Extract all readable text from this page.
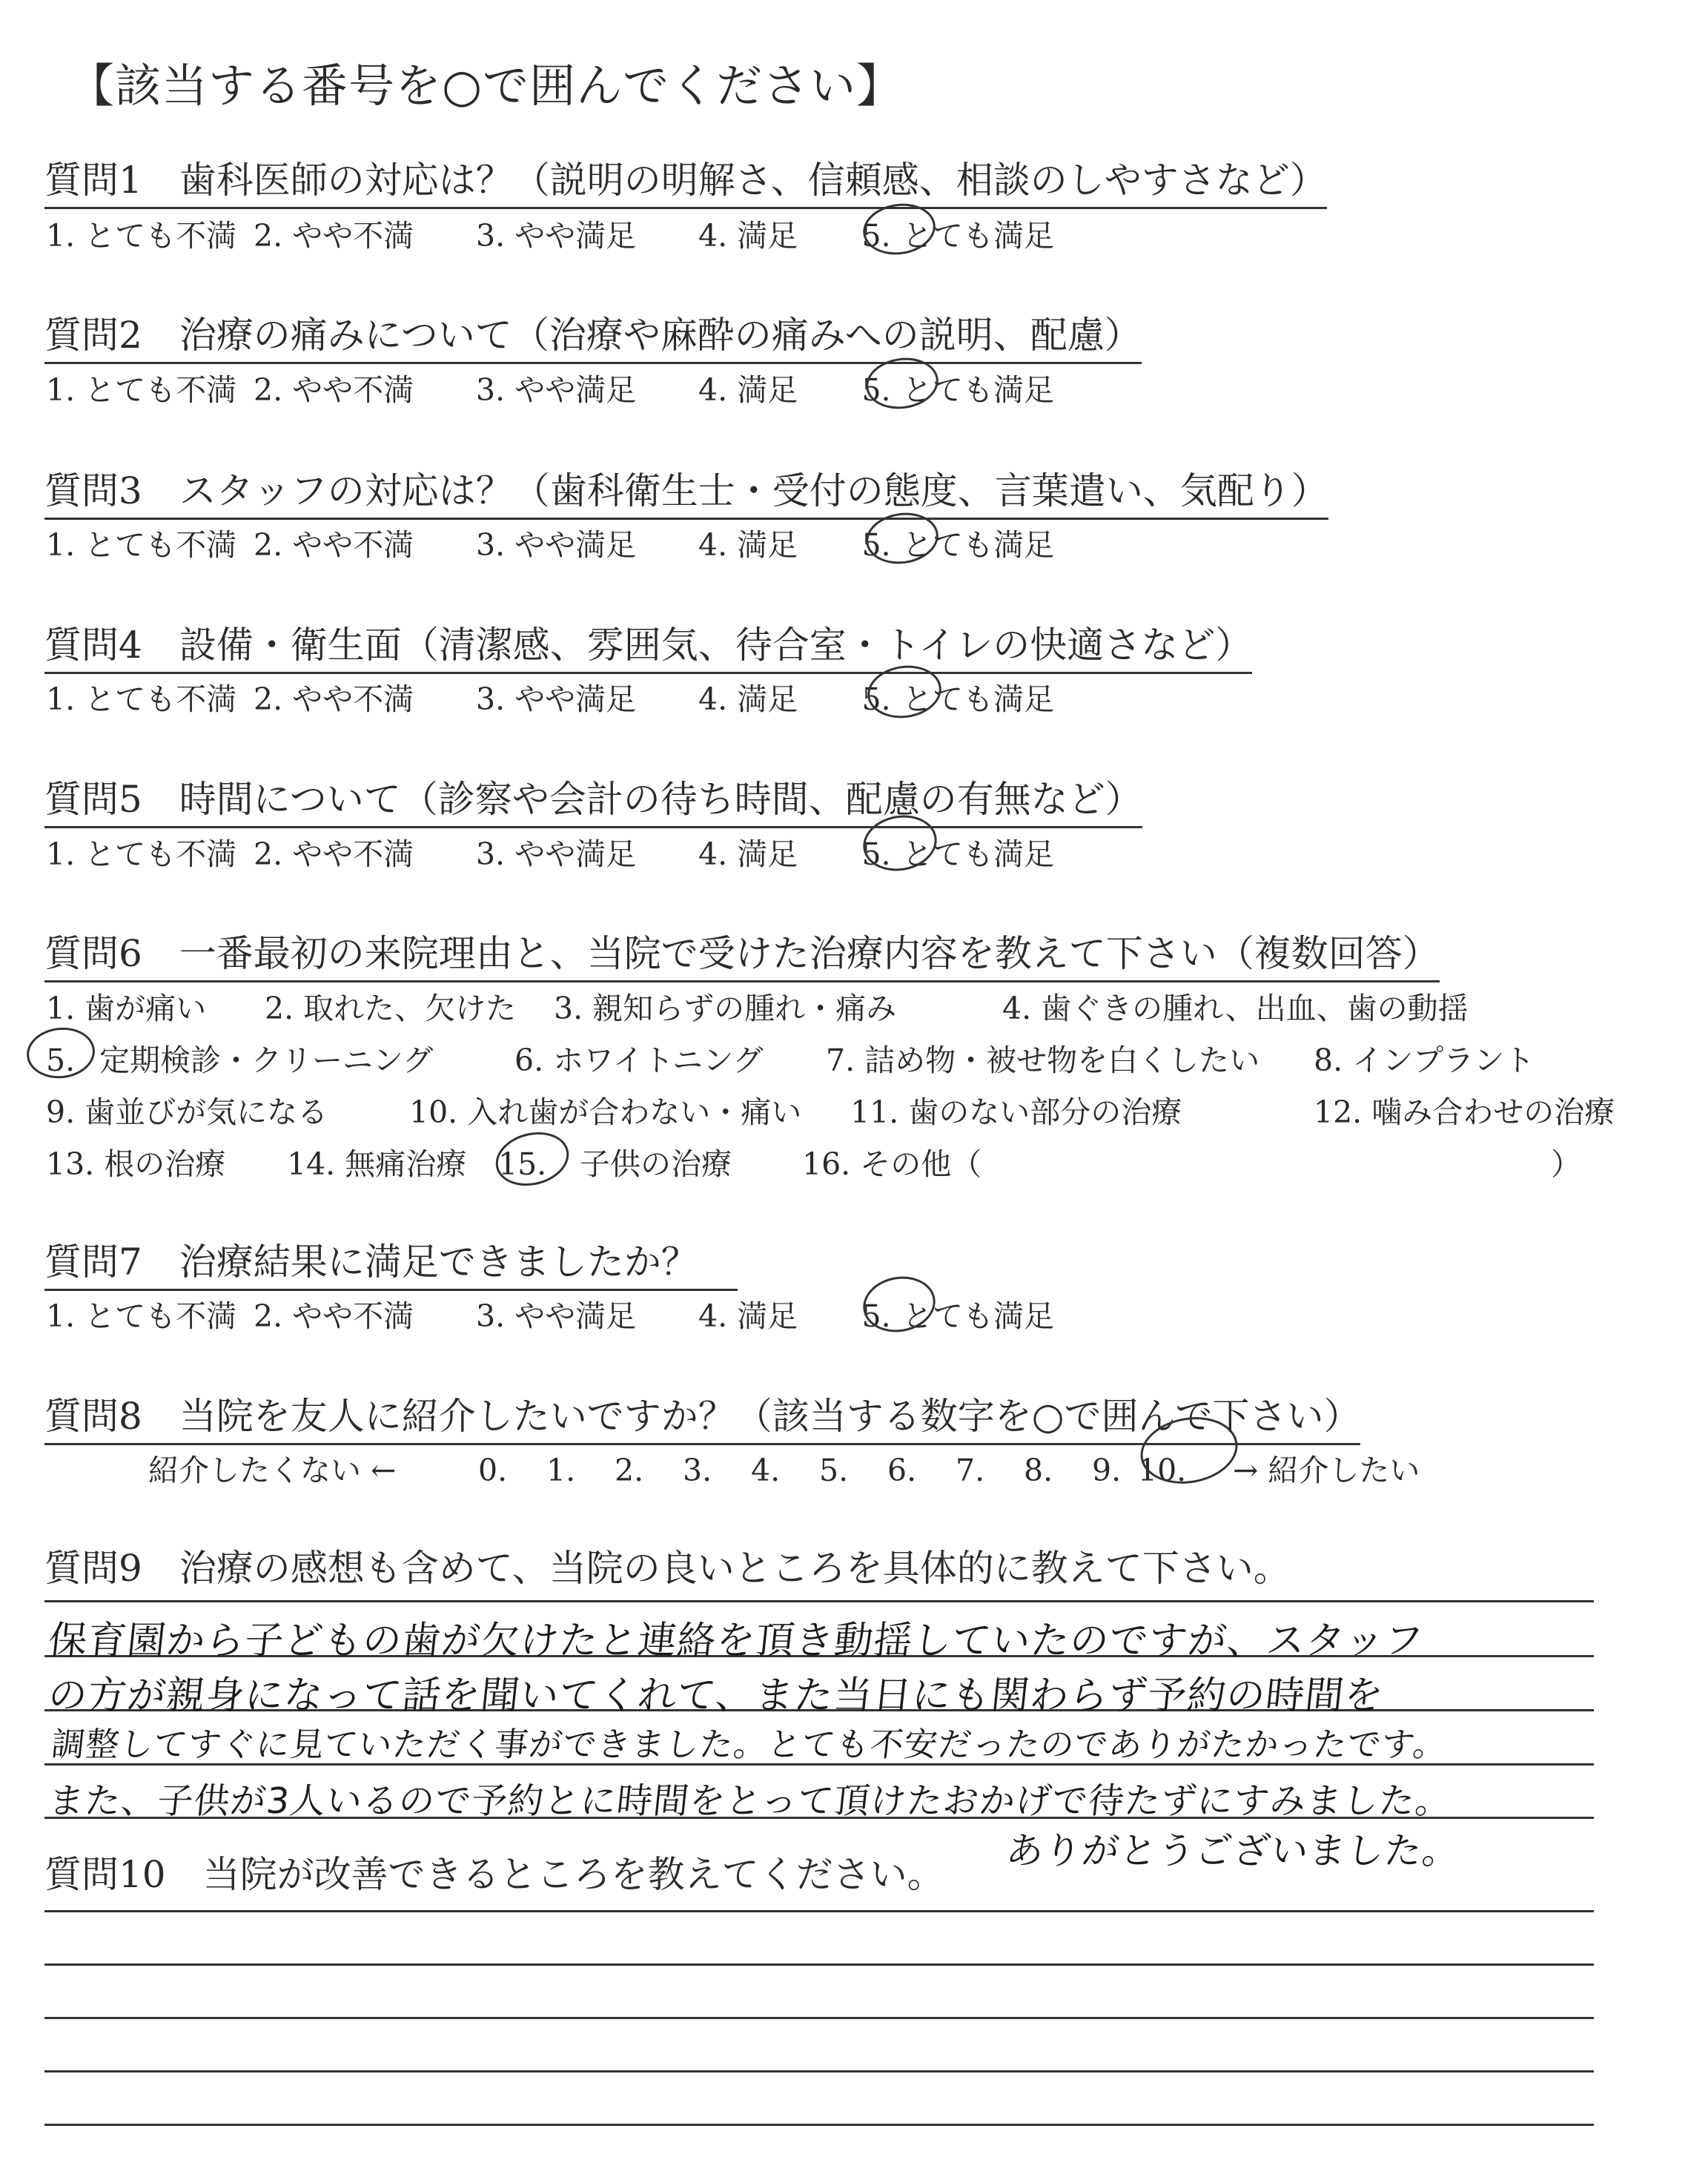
【該当する番号を○で囲んでください】
質問1　歯科医師の対応は？（説明の明解さ、信頼感、相談のしやすさなど）
1. とても不満 2. やや不満 3. やや満足 4. 満足 5. とても満足
質問2　治療の痛みについて（治療や麻酔の痛みへの説明、配慮）
1. とても不満 2. やや不満 3. やや満足 4. 満足 5. とても満足
質問3　スタッフの対応は？（歯科衛生士・受付の態度、言葉遣い、気配り）
1. とても不満 2. やや不満 3. やや満足 4. 満足 5. とても満足
質問4　設備・衛生面（清潔感、雰囲気、待合室・トイレの快適さなど）
1. とても不満 2. やや不満 3. やや満足 4. 満足 5. とても満足
質問5　時間について（診察や会計の待ち時間、配慮の有無など）
1. とても不満 2. やや不満 3. やや満足 4. 満足 5. とても満足
質問6　一番最初の来院理由と、当院で受けた治療内容を教えて下さい（複数回答）
1. 歯が痛い 2. 取れた、欠けた 3. 親知らずの腫れ・痛み	4. 歯ぐきの腫れ、出血、歯の動揺
5. 定期検診・クリーニング	6. ホワイトニング 7. 詰め物・被せ物を白くしたい 8. インプラント
9. 歯並びが気になる	10. 入れ歯が合わない・痛い 11. 歯のない部分の治療	12. 噛み合わせの治療
13. 根の治療 14. 無痛治療 15. 子供の治療 16. その他（	）
質問7　治療結果に満足できましたか？
1. とても不満 2. やや不満 3. やや満足 4. 満足 5. とても満足
質問8　当院を友人に紹介したいですか？（該当する数字を○で囲んで下さい）
紹介したくない ←	0. 1. 2. 3. 4. 5. 6. 7. 8. 9. 10. → 紹介したい
質問9　治療の感想も含めて、当院の良いところを具体的に教えて下さい。
保育園から子どもの歯が欠けたと連絡を頂き動揺していたのですが、スタッフ
の方が親身になって話を聞いてくれて、また当日にも関わらず予約の時間を
調整してすぐに見ていただく事ができました。とても不安だったのでありがたかったです。
また、子供が3人いるので予約とに時間をとって頂けたおかげで待たずにすみました。
ありがとうございました。
質問10　当院が改善できるところを教えてください。
